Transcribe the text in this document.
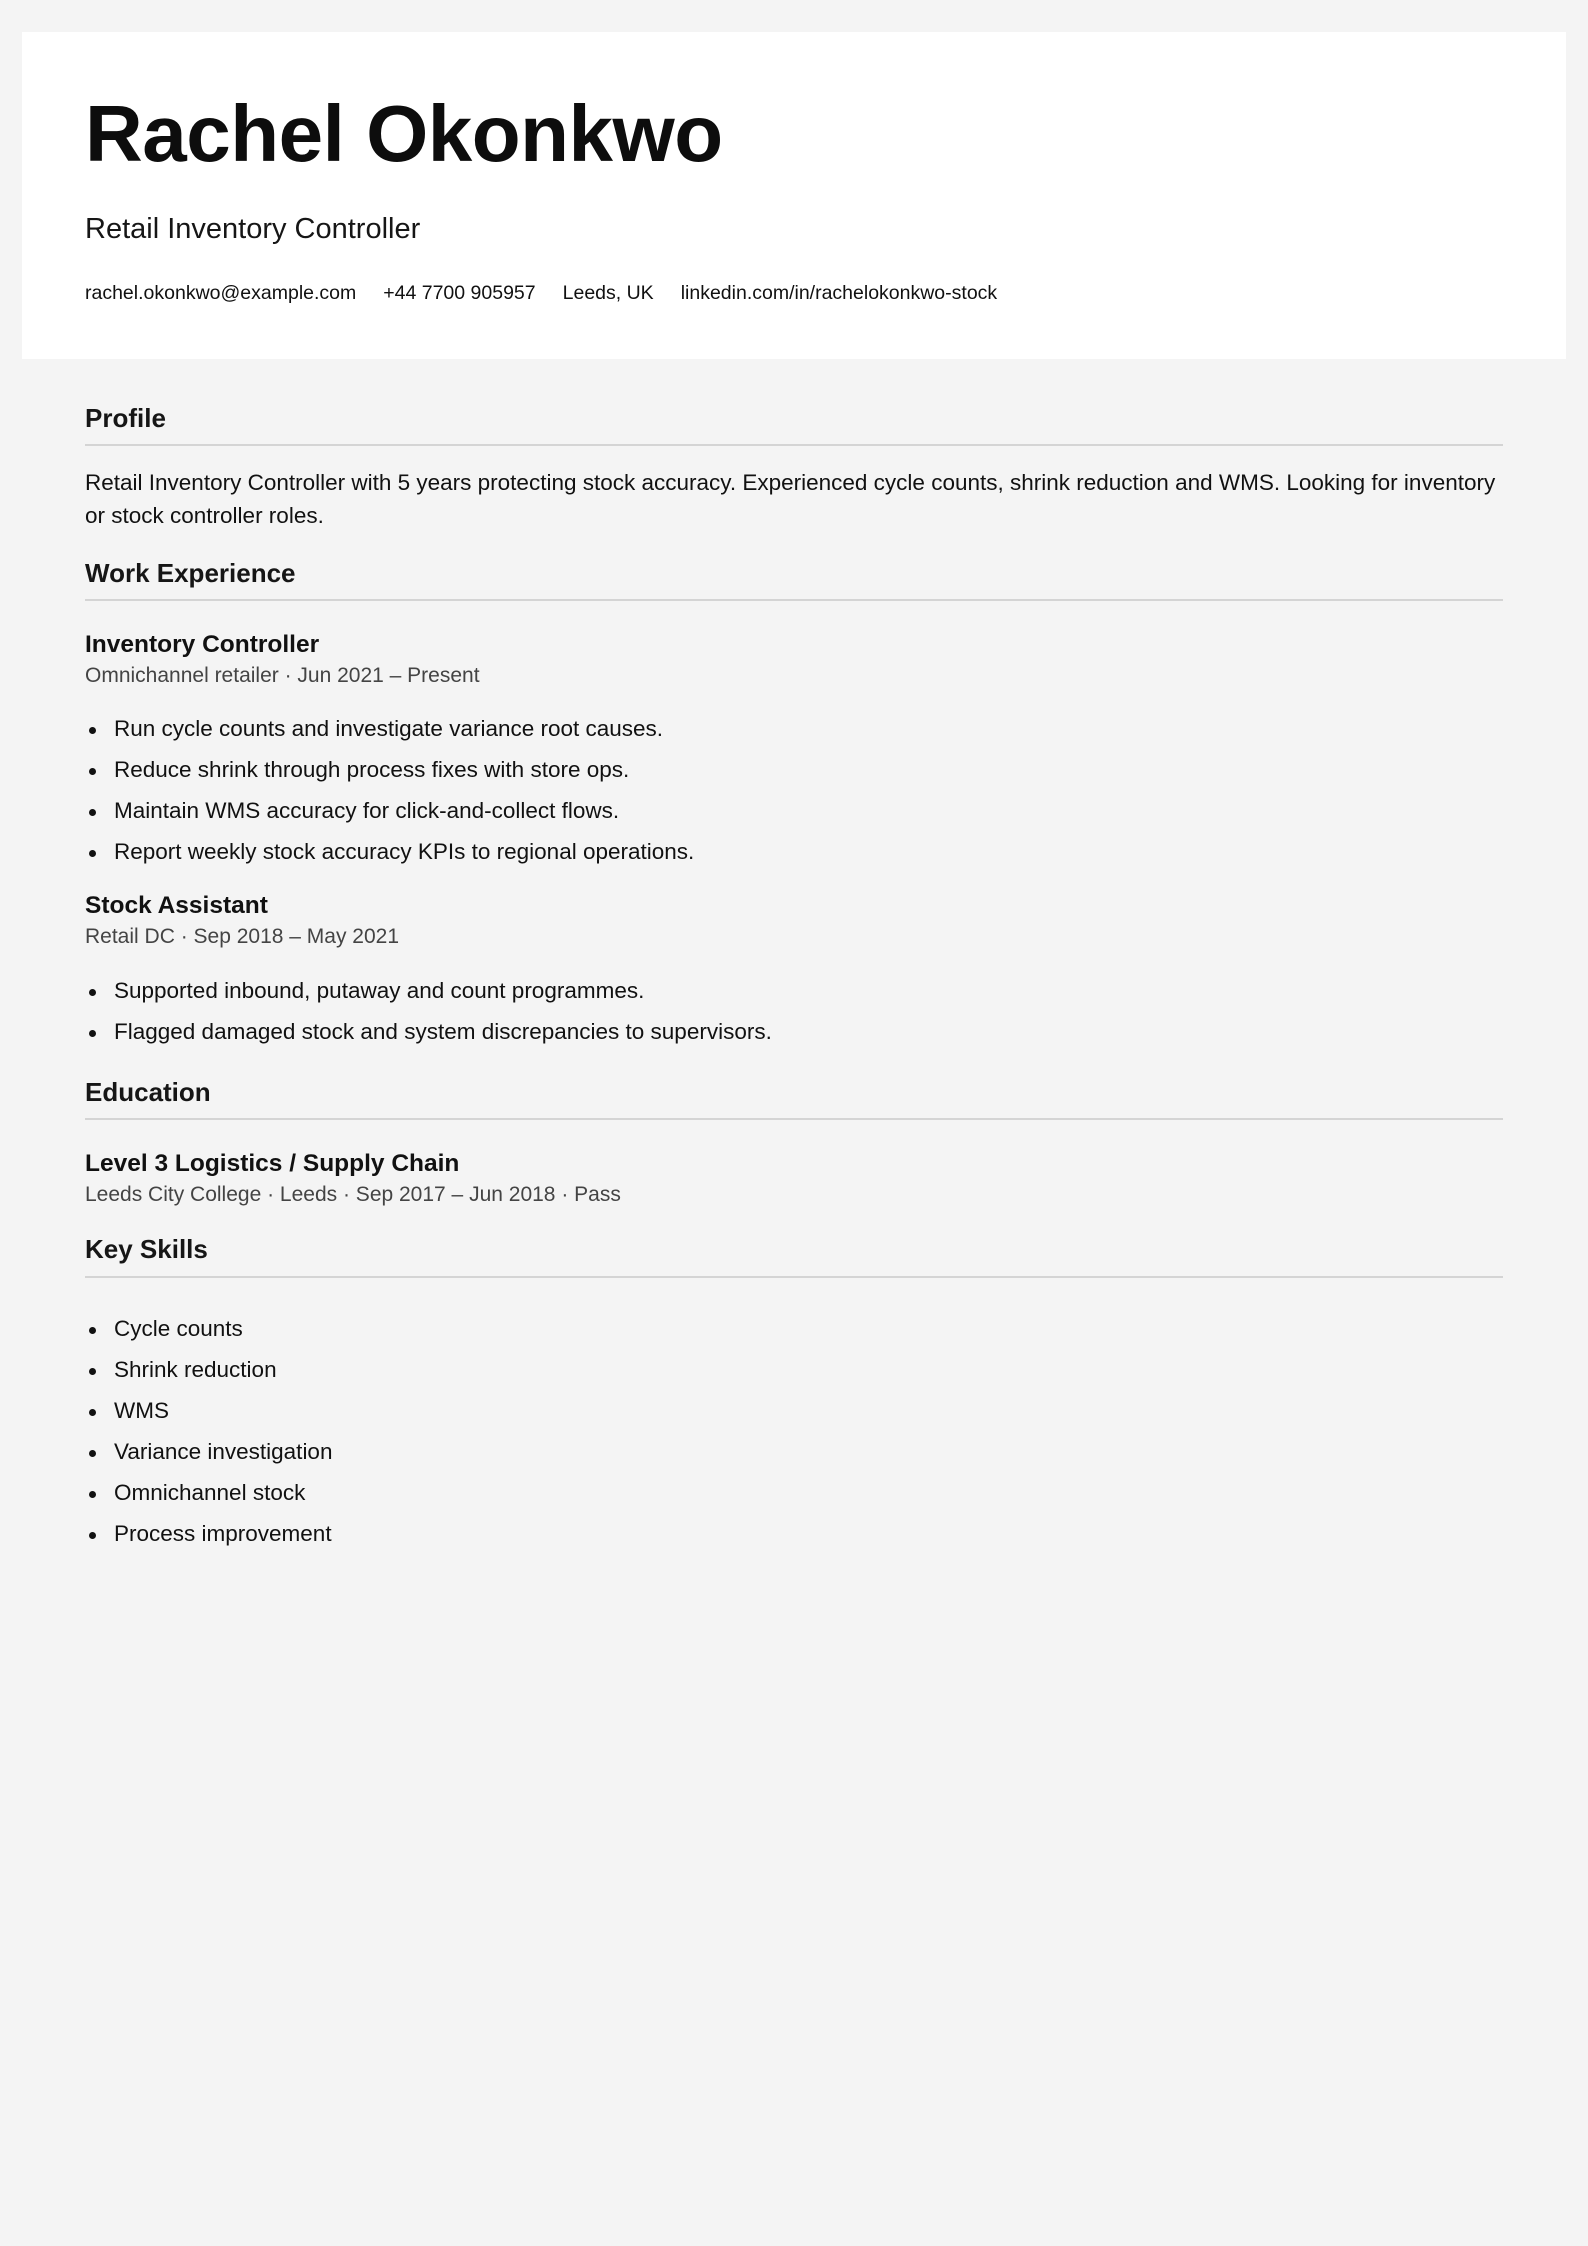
Rachel Okonkwo
Retail Inventory Controller
rachel.okonkwo@example.com +44 7700 905957 Leeds, UK linkedin.com/in/rachelokonkwo-stock
Profile

Retail Inventory Controller with 5 years protecting stock accuracy. Experienced cycle counts, shrink reduction and WMS. Looking for inventory or stock controller roles.

Work Experience
Inventory Controller
Omnichannel retailer · Jun 2021 – Present
Run cycle counts and investigate variance root causes.
Reduce shrink through process fixes with store ops.
Maintain WMS accuracy for click-and-collect flows.
Report weekly stock accuracy KPIs to regional operations.
Stock Assistant
Retail DC · Sep 2018 – May 2021
Supported inbound, putaway and count programmes.
Flagged damaged stock and system discrepancies to supervisors.
Education
Level 3 Logistics / Supply Chain
Leeds City College · Leeds · Sep 2017 – Jun 2018 · Pass
Key Skills
Cycle counts
Shrink reduction
WMS
Variance investigation
Omnichannel stock
Process improvement
